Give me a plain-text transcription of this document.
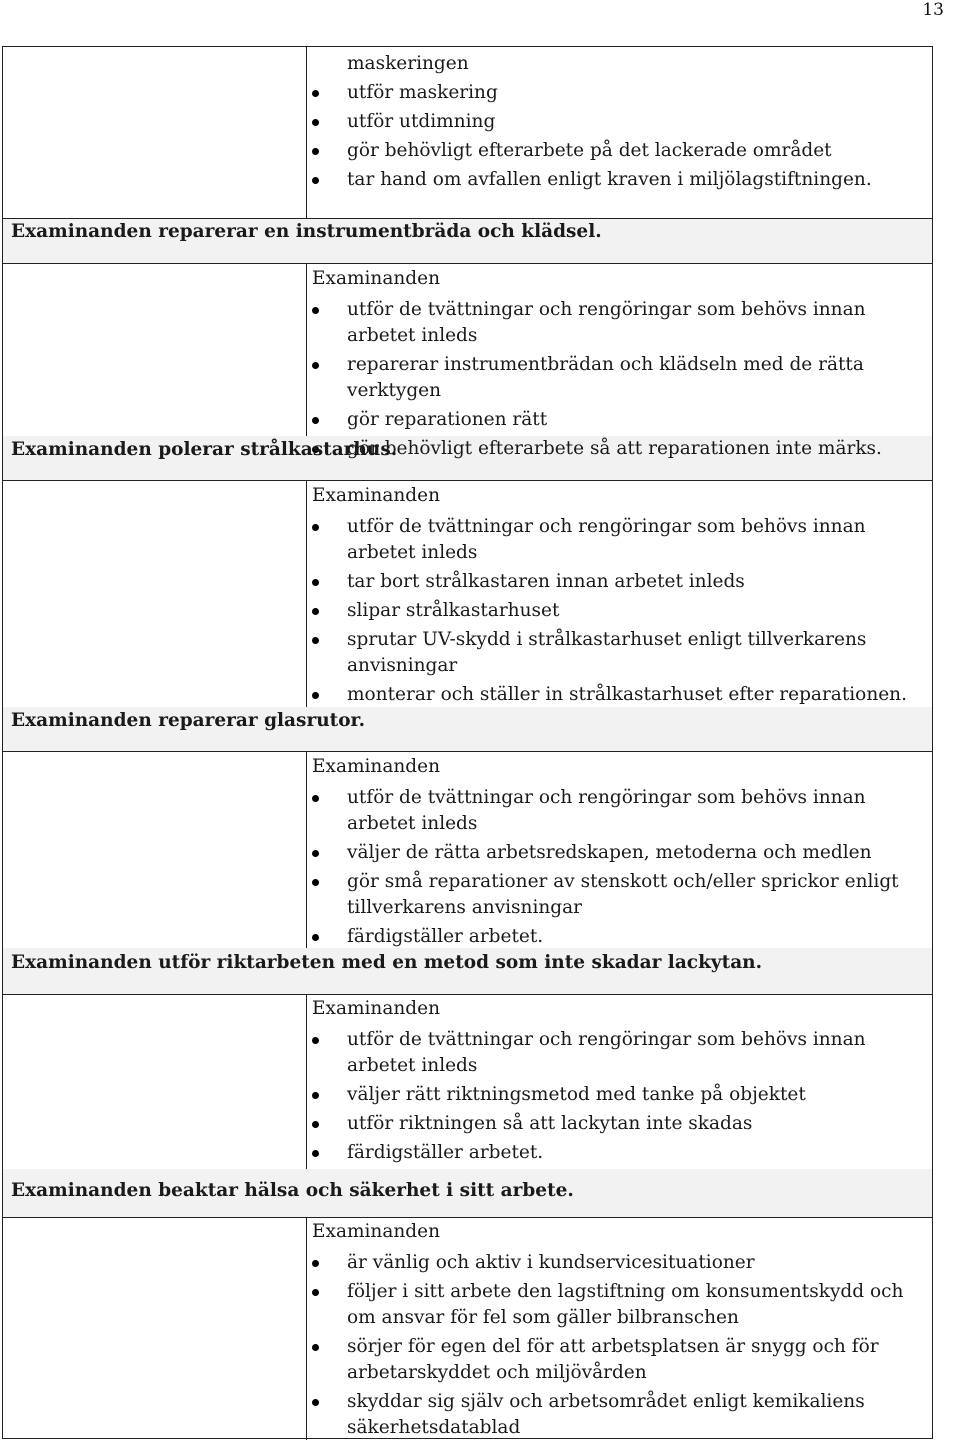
13
maskeringen
utför maskering
utför utdimning
gör behövligt efterarbete på det lackerade området
tar hand om avfallen enligt kraven i miljölagstiftningen.
Examinanden reparerar en instrumentbräda och klädsel.
Examinanden
utför de tvättningar och rengöringar som behövs innan arbetet inleds
reparerar instrumentbrädan och klädseln med de rätta verktygen
gör reparationen rätt
gör behövligt efterarbete så att reparationen inte märks.
Examinanden polerar strålkastarhus.
Examinanden
utför de tvättningar och rengöringar som behövs innan arbetet inleds
tar bort strålkastaren innan arbetet inleds
slipar strålkastarhuset
sprutar UV-skydd i strålkastarhuset enligt tillverkarens anvisningar
monterar och ställer in strålkastarhuset efter reparationen.
Examinanden reparerar glasrutor.
Examinanden
utför de tvättningar och rengöringar som behövs innan arbetet inleds
väljer de rätta arbetsredskapen, metoderna och medlen
gör små reparationer av stenskott och/eller sprickor enligt tillverkarens anvisningar
färdigställer arbetet.
Examinanden utför riktarbeten med en metod som inte skadar lackytan.
Examinanden
utför de tvättningar och rengöringar som behövs innan arbetet inleds
väljer rätt riktningsmetod med tanke på objektet
utför riktningen så att lackytan inte skadas
färdigställer arbetet.
Examinanden beaktar hälsa och säkerhet i sitt arbete.
Examinanden
är vänlig och aktiv i kundservicesituationer
följer i sitt arbete den lagstiftning om konsumentskydd och om ansvar för fel som gäller bilbranschen
sörjer för egen del för att arbetsplatsen är snygg och för arbetarskyddet och miljövården
skyddar sig själv och arbetsområdet enligt kemikaliens säkerhetsdatablad
